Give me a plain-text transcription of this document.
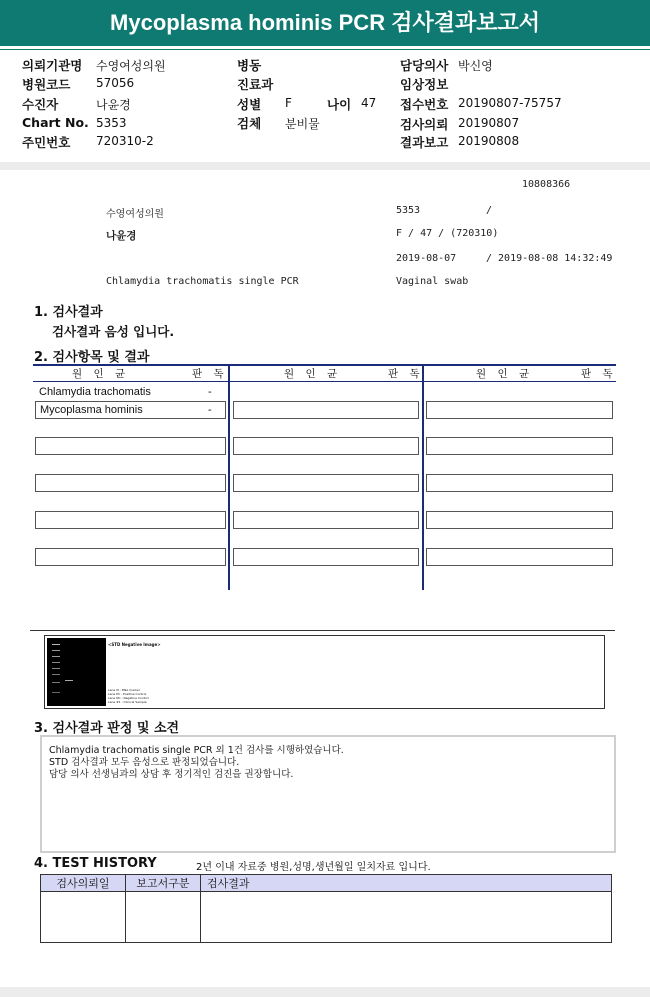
Mycoplasma hominis PCR 검사결과보고서
의뢰기관명 수영여성의원
병원코드 57056
수진자	나윤경
Chart No. 5353
주민번호 720310-2
병동
진료과
성별 F	나이 47
검체 분비물
담당의사 박신영
임상정보
접수번호 20190807-75757
검사의뢰 20190807
결과보고 20190808
10808366
수영여성의원	5353	/
나윤경	F / 47 / (720310)
2019-08-07	/ 2019-08-08 14:32:49
Chlamydia trachomatis single PCR	Vaginal swab
1. 검사결과
검사결과 음성 입니다.
2. 검사항목 및 결과
원 인 균	판 독	원 인 균	판 독	원 인 균	판 독
Chlamydia trachomatis	-
Mycoplasma hominis	-
<STD Negative Image>
Lane M : DNA marker
Lane PC : Positive Control
Lane NC : Negative Control
Lane #1 : Clinical Sample
3. 검사결과 판정 및 소견
Chlamydia trachomatis single PCR 외 1건 검사를 시행하였습니다.
STD 검사결과 모두 음성으로 판정되었습니다.
담당 의사 선생님과의 상담 후 정기적인 검진을 권장합니다.
4. TEST HISTORY	2년 이내 자료중 병원,성명,생년월일 일치자료 입니다.
검사의뢰일	보고서구분	검사결과
